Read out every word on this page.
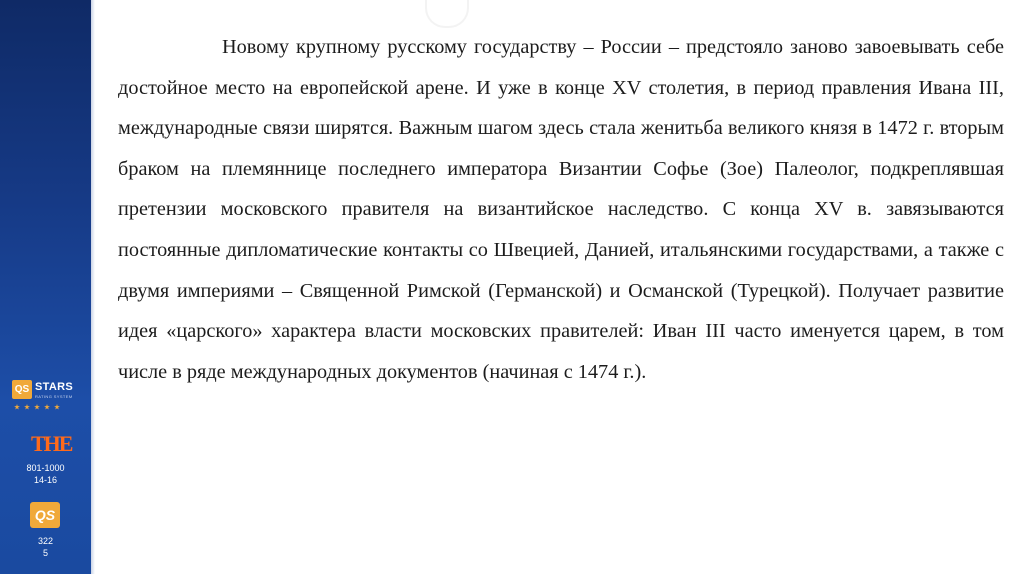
QS STARS
RATING SYSTEM
THE
801-1000
14-16
QS
322
5

Новому крупному русскому государству – России – предстояло заново завоевывать себе достойное место на европейской арене. И уже в конце XV столетия, в период правления Ивана III, международные связи ширятся. Важным шагом здесь стала женитьба великого князя в 1472 г. вторым браком на племяннице последнего императора Византии Софье (Зое) Палеолог, подкреплявшая претензии московского правителя на византийское наследство. С конца XV в. завязываются постоянные дипломатические контакты со Швецией, Данией, итальянскими государствами, а также с двумя империями – Священной Римской (Германской) и Османской (Турецкой). Получает развитие идея «царского» характера власти московских правителей: Иван III часто именуется царем, в том числе в ряде международных документов (начиная с 1474 г.).
